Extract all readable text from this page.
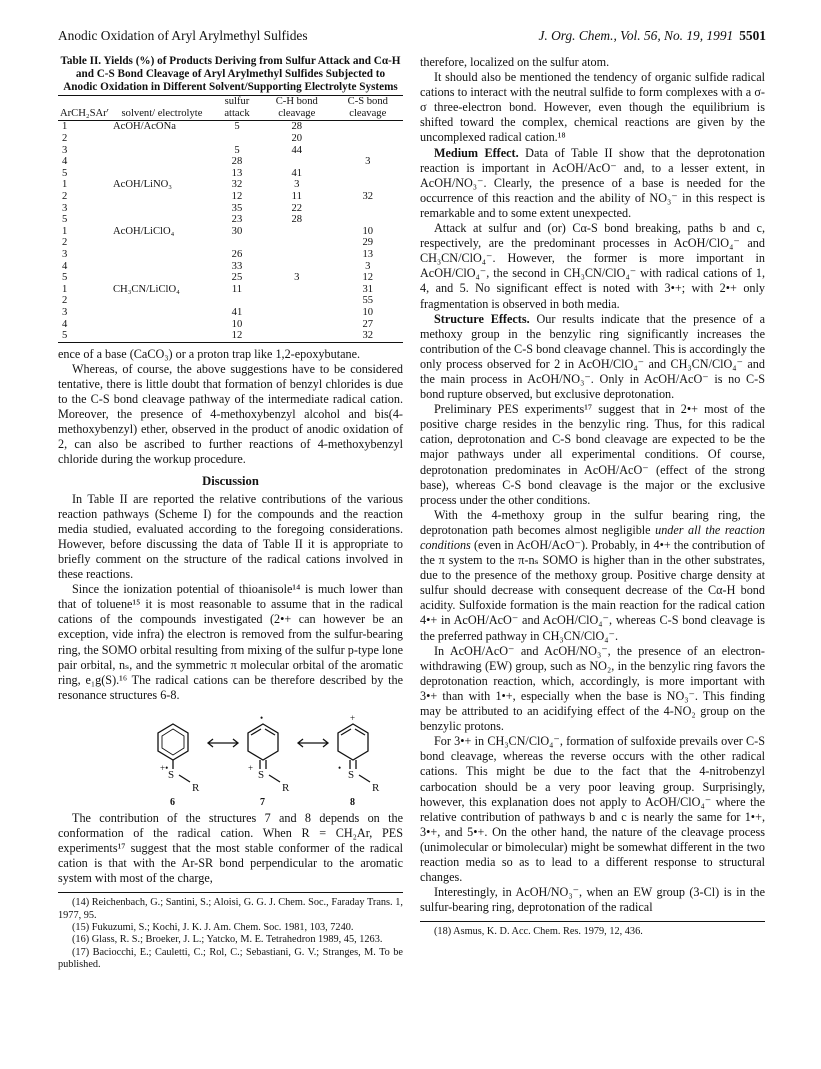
Anodic Oxidation of Aryl Arylmethyl Sulfides	J. Org. Chem., Vol. 56, No. 19, 1991 5501
Table II. Yields (%) of Products Deriving from Sulfur Attack and Cα-H and C-S Bond Cleavage of Aryl Arylmethyl Sulfides Subjected to Anodic Oxidation in Different Solvent/Supporting Electrolyte Systems
ArCH₂SAr′	solvent/ electrolyte	sulfur attack	C-H bond cleavage	C-S bond cleavage
1	AcOH/AcONa	5	28	
2			20	
3		5	44	
4		28		3
5		13	41	
1	AcOH/LiNO₃	32	3	
2		12	11	32
3		35	22	
5		23	28	
1	AcOH/LiClO₄	30		10
2				29
3		26		13
4		33		3
5		25	3	12
1	CH₃CN/LiClO₄	11		31
2				55
3		41		10
4		10		27
5		12		32

ence of a base (CaCO₃) or a proton trap like 1,2-epoxybutane.

Whereas, of course, the above suggestions have to be considered tentative, there is little doubt that formation of benzyl chlorides is due to the C-S bond cleavage pathway of the intermediate radical cation. Moreover, the presence of 4-methoxybenzyl alcohol and bis(4-methoxybenzyl) ether, observed in the product of anodic oxidation of 2, can also be ascribed to further reactions of 4-methoxybenzyl chloride during the workup procedure.

Discussion

In Table II are reported the relative contributions of the various reaction pathways (Scheme I) for the compounds and the reaction media studied, evaluated according to the foregoing considerations. However, before discussing the data of Table II it is appropriate to briefly comment on the structure of the radical cations involved in these reactions.

Since the ionization potential of thioanisole¹⁴ is much lower than that of toluene¹⁵ it is most reasonable to assume that in the radical cations of the compounds investigated (2•+ can however be an exception, vide infra) the electron is removed from the sulfur-bearing ring, the SOMO orbital resulting from mixing of the sulfur p-type lone pair orbital, nₛ, and the symmetric π molecular orbital of the aromatic ring, e₁g(S).¹⁶ The radical cations can be therefore described by the resonance structures 6-8.

S
+•
R
S
+
•
R
S
•
+
R
6	7	8

The contribution of the structures 7 and 8 depends on the conformation of the radical cation. When R = CH₂Ar, PES experiments¹⁷ suggest that the most stable conformer of the radical cation is that with the Ar-SR bond perpendicular to the aromatic system with most of the charge,

(14) Reichenbach, G.; Santini, S.; Aloisi, G. G. J. Chem. Soc., Faraday Trans. 1, 1977, 95.

(15) Fukuzumi, S.; Kochi, J. K. J. Am. Chem. Soc. 1981, 103, 7240.

(16) Glass, R. S.; Broeker, J. L.; Yatcko, M. E. Tetrahedron 1989, 45, 1263.

(17) Baciocchi, E.; Cauletti, C.; Rol, C.; Sebastiani, G. V.; Stranges, M. To be published.

therefore, localized on the sulfur atom.

It should also be mentioned the tendency of organic sulfide radical cations to interact with the neutral sulfide to form complexes with a σ-σ three-electron bond. However, even though the equilibrium is shifted toward the complex, chemical reactions are given by the uncomplexed radical cation.¹⁸

Medium Effect. Data of Table II show that the deprotonation reaction is important in AcOH/AcO⁻ and, to a lesser extent, in AcOH/NO₃⁻. Clearly, the presence of a base is needed for the occurrence of this reaction and the ability of NO₃⁻ in this respect is remarkable and to some extent unexpected.

Attack at sulfur and (or) Cα-S bond breaking, paths b and c, respectively, are the predominant processes in AcOH/ClO₄⁻ and CH₃CN/ClO₄⁻. However, the former is more important in AcOH/ClO₄⁻, the second in CH₃CN/ClO₄⁻ with radical cations of 1, 4, and 5. No significant effect is noted with 3•+; with 2•+ only fragmentation is observed in both media.

Structure Effects. Our results indicate that the presence of a methoxy group in the benzylic ring significantly increases the contribution of the C-S bond cleavage channel. This is accordingly the only process observed for 2 in AcOH/ClO₄⁻ and CH₃CN/ClO₄⁻ and the main process in AcOH/NO₃⁻. Only in AcOH/AcO⁻ is no C-S bond rupture observed, but exclusive deprotonation.

Preliminary PES experiments¹⁷ suggest that in 2•+ most of the positive charge resides in the benzylic ring. Thus, for this radical cation, deprotonation and C-S bond cleavage are expected to be the major pathways under all experimental conditions. Of course, deprotonation predominates in AcOH/AcO⁻ (effect of the strong base), whereas C-S bond cleavage is the major or the exclusive process under the other conditions.

With the 4-methoxy group in the sulfur bearing ring, the deprotonation path becomes almost negligible under all the reaction conditions (even in AcOH/AcO⁻). Probably, in 4•+ the contribution of the π system to the π-nₛ SOMO is higher than in the other substrates, due to the presence of the methoxy group. Positive charge density at sulfur should decrease with consequent decrease of the Cα-H bond acidity. Sulfoxide formation is the main reaction for the radical cation 4•+ in AcOH/AcO⁻ and AcOH/ClO₄⁻, whereas C-S bond cleavage is the preferred pathway in CH₃CN/ClO₄⁻.

In AcOH/AcO⁻ and AcOH/NO₃⁻, the presence of an electron-withdrawing (EW) group, such as NO₂, in the benzylic ring favors the deprotonation reaction, which, accordingly, is more important with 3•+ than with 1•+, especially when the base is NO₃⁻. This finding may be attributed to an acidifying effect of the 4-NO₂ group on the benzylic protons.

For 3•+ in CH₃CN/ClO₄⁻, formation of sulfoxide prevails over C-S bond cleavage, whereas the reverse occurs with the other radical cations. This might be due to the fact that the 4-nitrobenzyl carbocation should be a very poor leaving group. Surprisingly, however, this explanation does not apply to AcOH/ClO₄⁻ where the relative contribution of pathways b and c is nearly the same for 1•+, 3•+, and 5•+. On the other hand, the nature of the cleavage process (unimolecular or bimolecular) might be somewhat different in the two reaction media so as to lead to a different response to structural changes.

Interestingly, in AcOH/NO₃⁻, when an EW group (3-Cl) is in the sulfur-bearing ring, deprotonation of the radical

(18) Asmus, K. D. Acc. Chem. Res. 1979, 12, 436.
